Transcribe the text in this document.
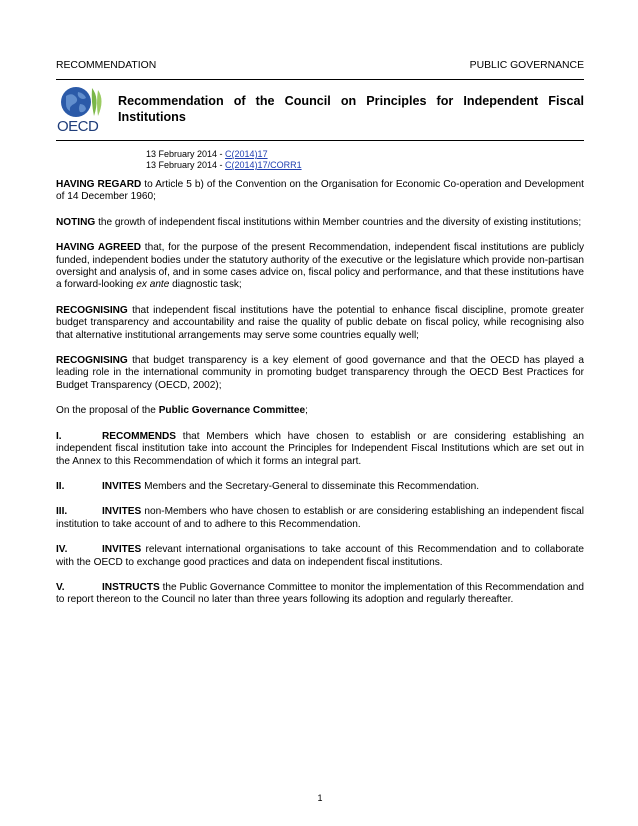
RECOMMENDATION	PUBLIC GOVERNANCE
OECD
Recommendation of the Council on Principles for Independent Fiscal
Institutions
13 February 2014 - C(2014)17
13 February 2014 - C(2014)17/CORR1

HAVING REGARD to Article 5 b) of the Convention on the Organisation for Economic Co-operation and Development of 14 December 1960;

NOTING the growth of independent fiscal institutions within Member countries and the diversity of existing institutions;

HAVING AGREED that, for the purpose of the present Recommendation, independent fiscal institutions are publicly funded, independent bodies under the statutory authority of the executive or the legislature which provide non-partisan oversight and analysis of, and in some cases advice on, fiscal policy and performance, and that these institutions have a forward-looking ex ante diagnostic task;

RECOGNISING that independent fiscal institutions have the potential to enhance fiscal discipline, promote greater budget transparency and accountability and raise the quality of public debate on fiscal policy, while recognising also that alternative institutional arrangements may serve some countries equally well;

RECOGNISING that budget transparency is a key element of good governance and that the OECD has played a leading role in the international community in promoting budget transparency through the OECD Best Practices for Budget Transparency (OECD, 2002);

On the proposal of the Public Governance Committee;

I.	RECOMMENDS that Members which have chosen to establish or are considering establishing an independent fiscal institution take into account the Principles for Independent Fiscal Institutions which are set out in the Annex to this Recommendation of which it forms an integral part.

II.	INVITES Members and the Secretary-General to disseminate this Recommendation.

III.	INVITES non-Members who have chosen to establish or are considering establishing an independent fiscal institution to take account of and to adhere to this Recommendation.

IV.	INVITES relevant international organisations to take account of this Recommendation and to collaborate with the OECD to exchange good practices and data on independent fiscal institutions.

V.	INSTRUCTS the Public Governance Committee to monitor the implementation of this Recommendation and to report thereon to the Council no later than three years following its adoption and regularly thereafter.

1
